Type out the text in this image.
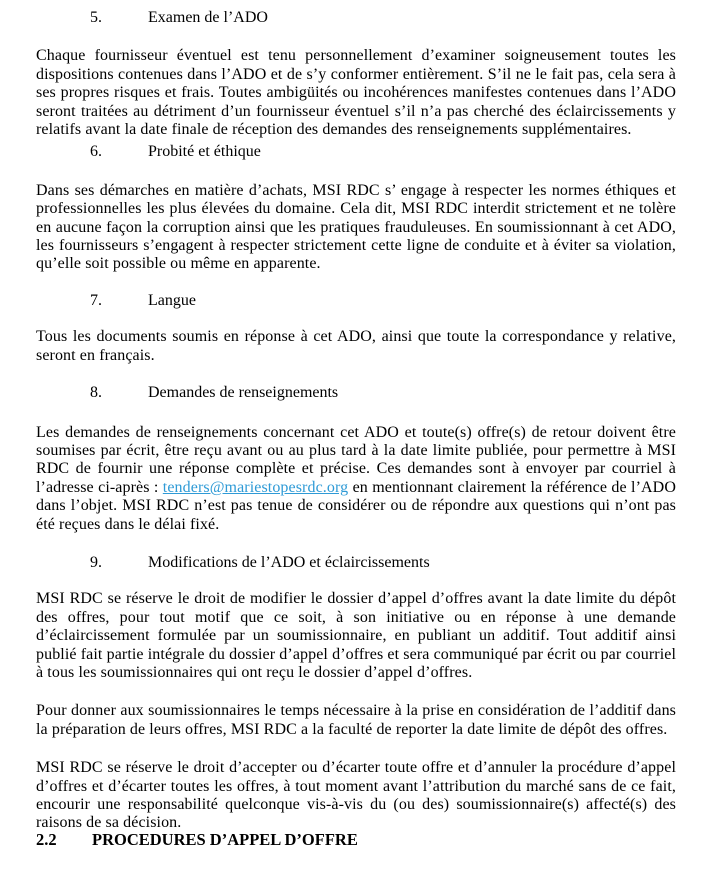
5.	Examen de l’ADO

Chaque fournisseur éventuel est tenu personnellement d’examiner soigneusement toutes les dispositions contenues dans l’ADO et de s’y conformer entièrement. S’il ne le fait pas, cela sera à ses propres risques et frais. Toutes ambigüités ou incohérences manifestes contenues dans l’ADO seront traitées au détriment d’un fournisseur éventuel s’il n’a pas cherché des éclaircissements y relatifs avant la date finale de réception des demandes des renseignements supplémentaires.

6.	Probité et éthique

Dans ses démarches en matière d’achats, MSI RDC s’ engage à respecter les normes éthiques et professionnelles les plus élevées du domaine. Cela dit, MSI RDC interdit strictement et ne tolère en aucune façon la corruption ainsi que les pratiques frauduleuses. En soumissionnant à cet ADO, les fournisseurs s’engagent à respecter strictement cette ligne de conduite et à éviter sa violation, qu’elle soit possible ou même en apparente.

7.	Langue

Tous les documents soumis en réponse à cet ADO, ainsi que toute la correspondance y relative, seront en français.

8.	Demandes de renseignements

Les demandes de renseignements concernant cet ADO et toute(s) offre(s) de retour doivent être soumises par écrit, être reçu avant ou au plus tard à la date limite publiée, pour permettre à MSI RDC de fournir une réponse complète et précise. Ces demandes sont à envoyer par courriel à l’adresse ci-après : tenders@mariestopesrdc.org en mentionnant clairement la référence de l’ADO dans l’objet. MSI RDC n’est pas tenue de considérer ou de répondre aux questions qui n’ont pas été reçues dans le délai fixé.

9.	Modifications de l’ADO et éclaircissements

MSI RDC se réserve le droit de modifier le dossier d’appel d’offres avant la date limite du dépôt des offres, pour tout motif que ce soit, à son initiative ou en réponse à une demande d’éclaircissement formulée par un soumissionnaire, en publiant un additif. Tout additif ainsi publié fait partie intégrale du dossier d’appel d’offres et sera communiqué par écrit ou par courriel à tous les soumissionnaires qui ont reçu le dossier d’appel d’offres.

Pour donner aux soumissionnaires le temps nécessaire à la prise en considération de l’additif dans la préparation de leurs offres, MSI RDC a la faculté de reporter la date limite de dépôt des offres.

MSI RDC se réserve le droit d’accepter ou d’écarter toute offre et d’annuler la procédure d’appel d’offres et d’écarter toutes les offres, à tout moment avant l’attribution du marché sans de ce fait, encourir une responsabilité quelconque vis-à-vis du (ou des) soumissionnaire(s) affecté(s) des raisons de sa décision.

2.2	PROCEDURES D’APPEL D’OFFRE
